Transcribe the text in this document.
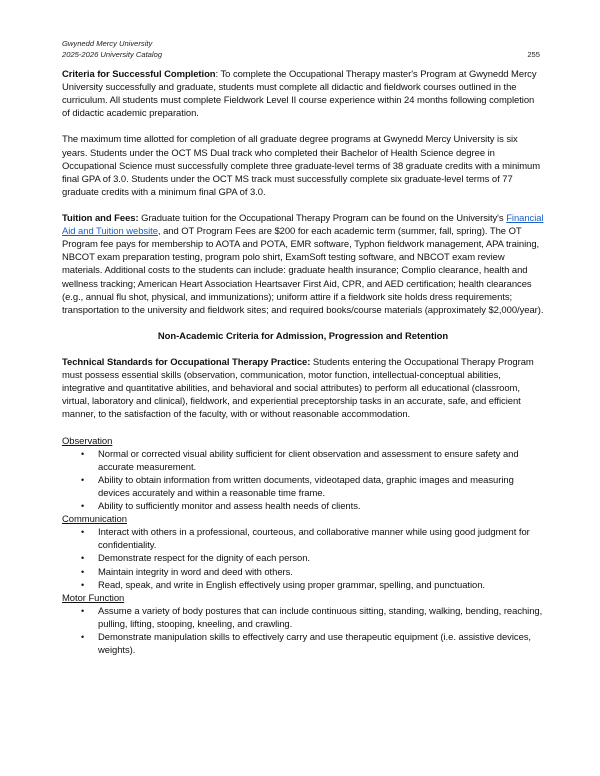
Gwynedd Mercy University
2025-2026 University Catalog	255

Criteria for Successful Completion: To complete the Occupational Therapy master's Program at Gwynedd Mercy University successfully and graduate, students must complete all didactic and fieldwork courses outlined in the curriculum. All students must complete Fieldwork Level II course experience within 24 months following completion of didactic academic preparation.

The maximum time allotted for completion of all graduate degree programs at Gwynedd Mercy University is six years. Students under the OCT MS Dual track who completed their Bachelor of Health Science degree in Occupational Science must successfully complete three graduate-level terms of 38 graduate credits with a minimum final GPA of 3.0. Students under the OCT MS track must successfully complete six graduate-level terms of 77 graduate credits with a minimum final GPA of 3.0.

Tuition and Fees: Graduate tuition for the Occupational Therapy Program can be found on the University's Financial Aid and Tuition website, and OT Program Fees are $200 for each academic term (summer, fall, spring). The OT Program fee pays for membership to AOTA and POTA, EMR software, Typhon fieldwork management, APA training, NBCOT exam preparation testing, program polo shirt, ExamSoft testing software, and NBCOT exam review materials. Additional costs to the students can include: graduate health insurance; Complio clearance, health and wellness tracking; American Heart Association Heartsaver First Aid, CPR, and AED certification; health clearances (e.g., annual flu shot, physical, and immunizations); uniform attire if a fieldwork site holds dress requirements; transportation to the university and fieldwork sites; and required books/course materials (approximately $2,000/year).

Non-Academic Criteria for Admission, Progression and Retention

Technical Standards for Occupational Therapy Practice: Students entering the Occupational Therapy Program must possess essential skills (observation, communication, motor function, intellectual-conceptual abilities, integrative and quantitative abilities, and behavioral and social attributes) to perform all educational (classroom, virtual, laboratory and clinical), fieldwork, and experiential preceptorship tasks in an accurate, safe, and efficient manner, to the satisfaction of the faculty, with or without reasonable accommodation.

Observation
• Normal or corrected visual ability sufficient for client observation and assessment to ensure safety and accurate measurement.
• Ability to obtain information from written documents, videotaped data, graphic images and measuring devices accurately and within a reasonable time frame.
• Ability to sufficiently monitor and assess health needs of clients.
Communication
• Interact with others in a professional, courteous, and collaborative manner while using good judgment for confidentiality.
• Demonstrate respect for the dignity of each person.
• Maintain integrity in word and deed with others.
• Read, speak, and write in English effectively using proper grammar, spelling, and punctuation.
Motor Function
• Assume a variety of body postures that can include continuous sitting, standing, walking, bending, reaching, pulling, lifting, stooping, kneeling, and crawling.
• Demonstrate manipulation skills to effectively carry and use therapeutic equipment (i.e. assistive devices, weights).
